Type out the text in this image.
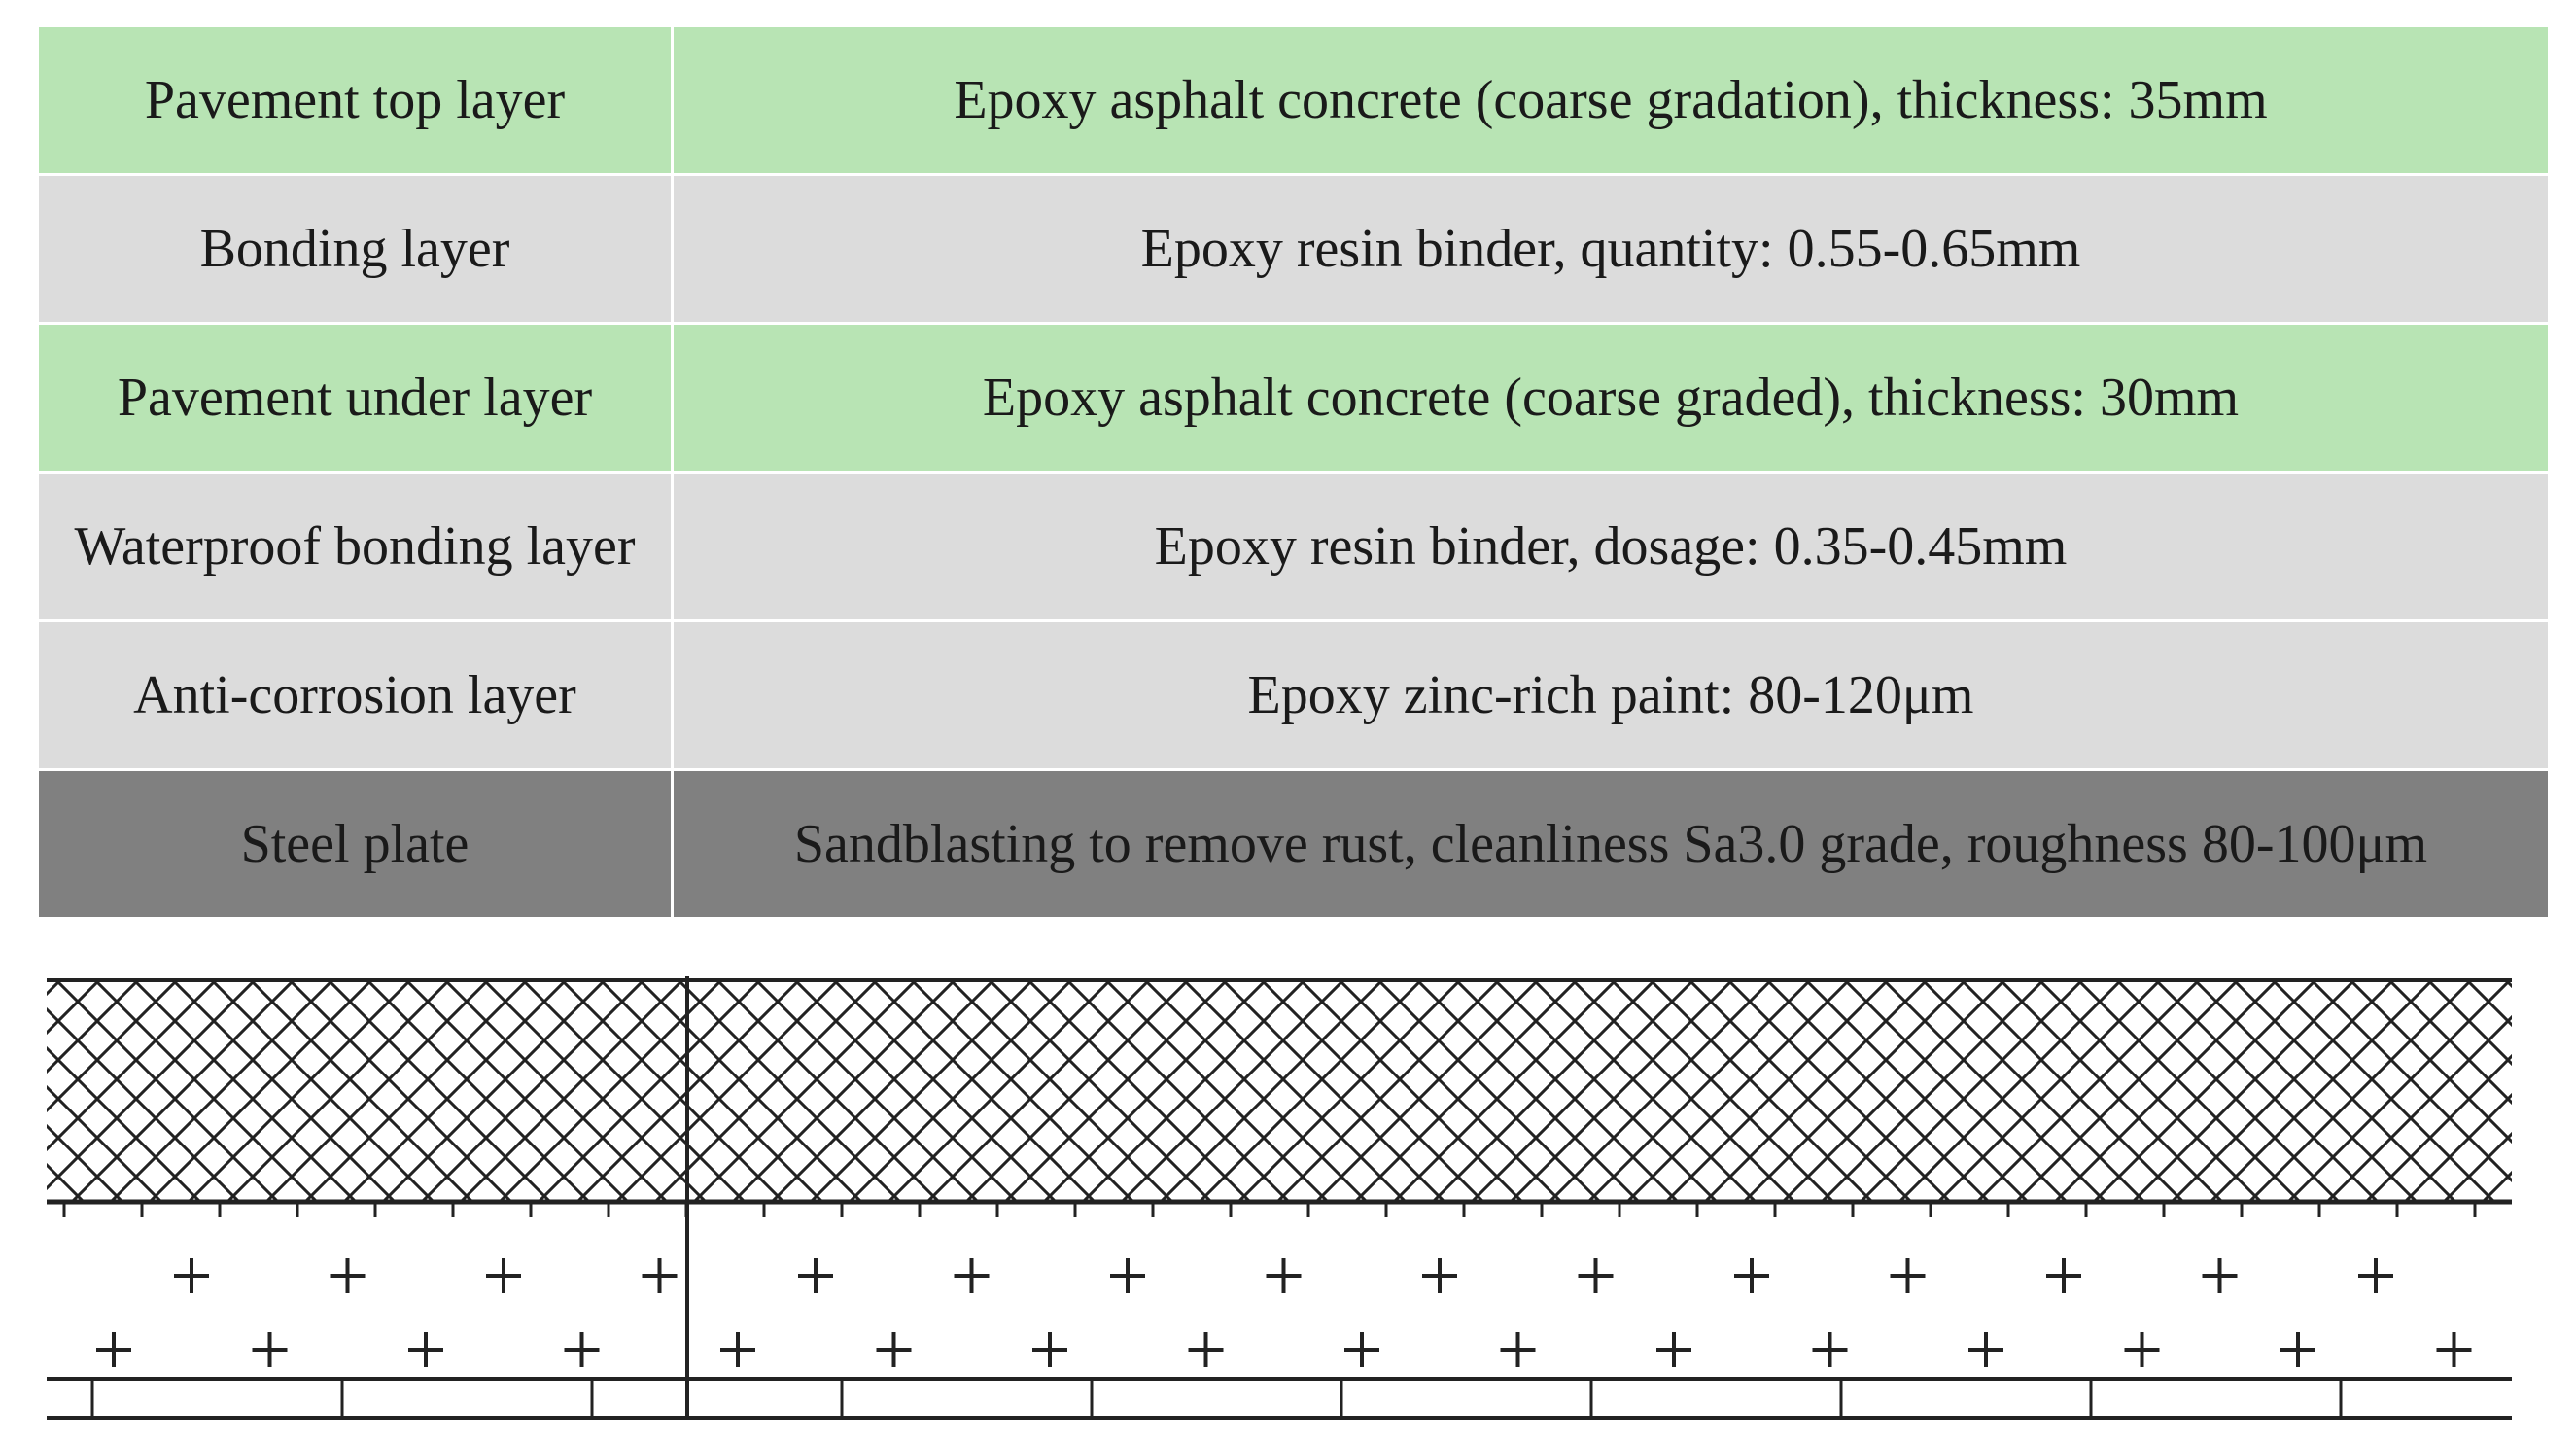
Pavement top layer	Epoxy asphalt concrete (coarse gradation), thickness: 35mm
Bonding layer	Epoxy resin binder, quantity: 0.55-0.65mm
Pavement under layer	Epoxy asphalt concrete (coarse graded), thickness: 30mm
Waterproof bonding layer	Epoxy resin binder, dosage: 0.35-0.45mm
Anti-corrosion layer	Epoxy zinc-rich paint: 80-120μm
Steel plate	Sandblasting to remove rust, cleanliness Sa3.0 grade, roughness 80-100μm
